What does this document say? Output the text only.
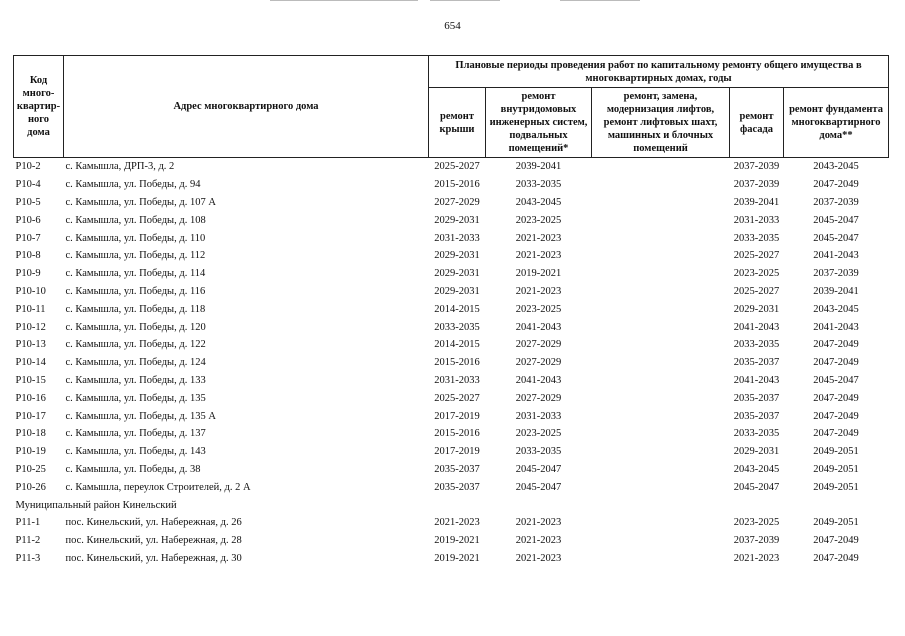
654
Код
много-
квартир-
ного
дома	Адрес многоквартирного дома	Плановые периоды проведения работ по капитальному ремонту общего имущества в многоквартирных домах, годы				
		ремонт крыши	ремонт внутридомовых инженерных систем, подвальных помещений*	ремонт, замена, модернизация лифтов, ремонт лифтовых шахт, машинных и блочных помещений	ремонт фасада	ремонт фундамента многоквартирного дома**
Р10-2	с. Камышла, ДРП-3, д. 2	2025-2027	2039-2041		2037-2039	2043-2045
Р10-4	с. Камышла, ул. Победы, д. 94	2015-2016	2033-2035		2037-2039	2047-2049
Р10-5	с. Камышла, ул. Победы, д. 107 А	2027-2029	2043-2045		2039-2041	2037-2039
Р10-6	с. Камышла, ул. Победы, д. 108	2029-2031	2023-2025		2031-2033	2045-2047
Р10-7	с. Камышла, ул. Победы, д. 110	2031-2033	2021-2023		2033-2035	2045-2047
Р10-8	с. Камышла, ул. Победы, д. 112	2029-2031	2021-2023		2025-2027	2041-2043
Р10-9	с. Камышла, ул. Победы, д. 114	2029-2031	2019-2021		2023-2025	2037-2039
Р10-10	с. Камышла, ул. Победы, д. 116	2029-2031	2021-2023		2025-2027	2039-2041
Р10-11	с. Камышла, ул. Победы, д. 118	2014-2015	2023-2025		2029-2031	2043-2045
Р10-12	с. Камышла, ул. Победы, д. 120	2033-2035	2041-2043		2041-2043	2041-2043
Р10-13	с. Камышла, ул. Победы, д. 122	2014-2015	2027-2029		2033-2035	2047-2049
Р10-14	с. Камышла, ул. Победы, д. 124	2015-2016	2027-2029		2035-2037	2047-2049
Р10-15	с. Камышла, ул. Победы, д. 133	2031-2033	2041-2043		2041-2043	2045-2047
Р10-16	с. Камышла, ул. Победы, д. 135	2025-2027	2027-2029		2035-2037	2047-2049
Р10-17	с. Камышла, ул. Победы, д. 135 А	2017-2019	2031-2033		2035-2037	2047-2049
Р10-18	с. Камышла, ул. Победы, д. 137	2015-2016	2023-2025		2033-2035	2047-2049
Р10-19	с. Камышла, ул. Победы, д. 143	2017-2019	2033-2035		2029-2031	2049-2051
Р10-25	с. Камышла, ул. Победы, д. 38	2035-2037	2045-2047		2043-2045	2049-2051
Р10-26	с. Камышла, переулок Строителей, д. 2 А	2035-2037	2045-2047		2045-2047	2049-2051
Муниципальный район Кинельский						
Р11-1	пос. Кинельский, ул. Набережная, д. 26	2021-2023	2021-2023		2023-2025	2049-2051
Р11-2	пос. Кинельский, ул. Набережная, д. 28	2019-2021	2021-2023		2037-2039	2047-2049
Р11-3	пос. Кинельский, ул. Набережная, д. 30	2019-2021	2021-2023		2021-2023	2047-2049
